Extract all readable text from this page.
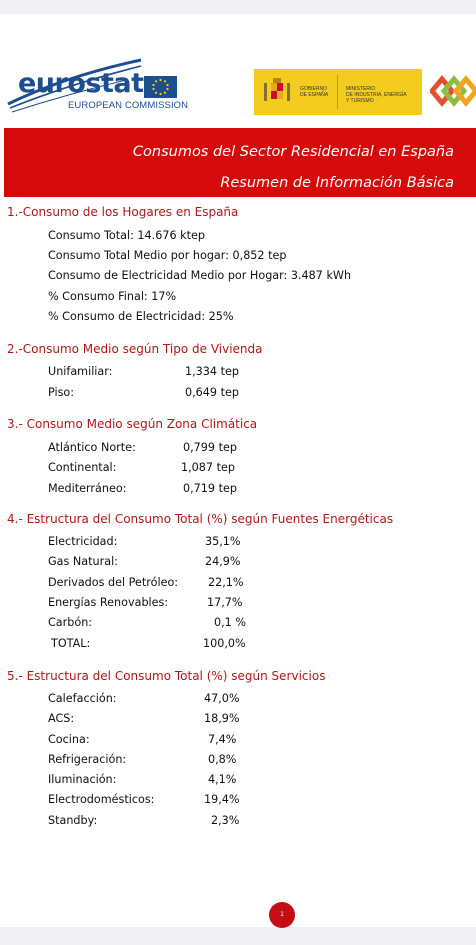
eurostat
EUROPEAN COMMISSION
GOBIERNO
DE ESPAÑA
MINISTERIO
DE INDUSTRIA, ENERGÍA
Y TURISMO
Consumos del Sector Residencial en España
Resumen de Información Básica
1.-Consumo de los Hogares en España
Consumo Total: 14.676 ktep
Consumo Total Medio por hogar: 0,852 tep
Consumo de Electricidad Medio por Hogar: 3.487 kWh
% Consumo Final: 17%
% Consumo de Electricidad: 25%
2.-Consumo Medio según Tipo de Vivienda
Unifamiliar:	1,334 tep
Piso:	0,649 tep
3.- Consumo Medio según Zona Climática
Atlántico Norte:	0,799 tep
Continental:	1,087 tep
Mediterráneo:	0,719 tep
4.- Estructura del Consumo Total (%) según Fuentes Energéticas
Electricidad:	35,1%
Gas Natural:	24,9%
Derivados del Petróleo:	22,1%
Energías Renovables:	17,7%
Carbón:	0,1 %
TOTAL:	100,0%
5.- Estructura del Consumo Total (%) según Servicios
Calefacción:	47,0%
ACS:	18,9%
Cocina:	7,4%
Refrigeración:	0,8%
Iluminación:	4,1%
Electrodomésticos:	19,4%
Standby:	2,3%
1
